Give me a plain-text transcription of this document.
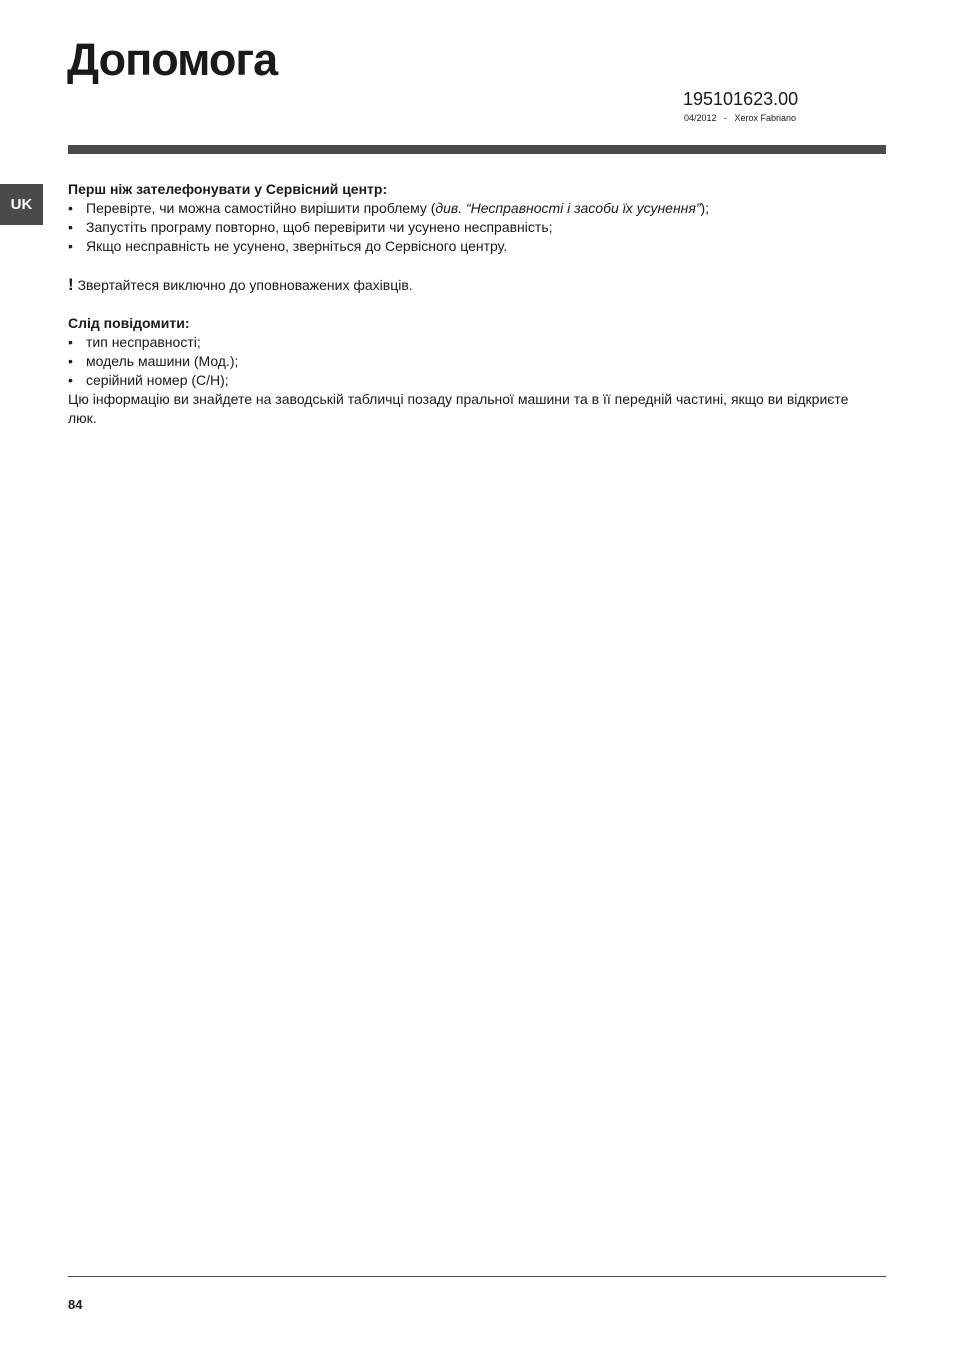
Допомога
195101623.00
04/2012   -   Xerox Fabriano
UK

Перш ніж зателефонувати у Сервісний центр:

• Перевірте, чи можна самостійно вирішити проблему (див. “Несправності і засоби їх усунення”);
• Запустіть програму повторно, щоб перевірити чи усунено несправність;
• Якщо несправність не усунено, зверніться до Сервісного центру.

! Звертайтеся виключно до уповноважених фахівців.

Слід повідомити:

• тип несправності;
• модель машини (Мод.);
• серійний номер (С/Н);

Цю інформацію ви знайдете на заводській табличці позаду пральної машини та в її передній частині, якщо ви відкриєте люк.

84
